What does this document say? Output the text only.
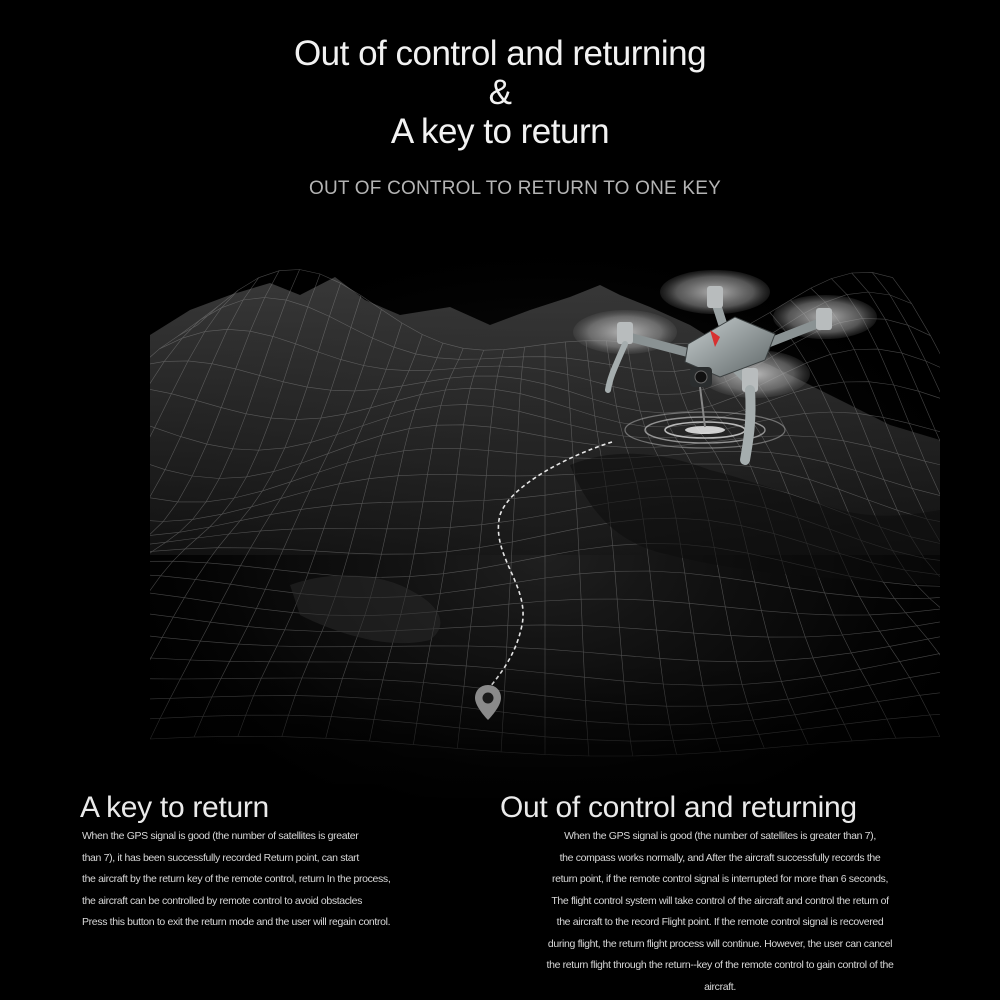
Out of control and returning
&
A key to return
OUT OF CONTROL TO RETURN TO ONE KEY
A key to return

When the GPS signal is good (the number of satellites is greater
than 7), it has been successfully recorded Return point, can start
the aircraft by the return key of the remote control, return In the process,
the aircraft can be controlled by remote control to avoid obstacles
Press this button to exit the return mode and the user will regain control.

Out of control and returning

When the GPS signal is good (the number of satellites is greater than 7),
the compass works normally, and After the aircraft successfully records the
return point, if the remote control signal is interrupted for more than 6 seconds,
The flight control system will take control of the aircraft and control the return of
the aircraft to the record Flight point. If the remote control signal is recovered
during flight, the return flight process will continue. However, the user can cancel
the return flight through the return--key of the remote control to gain control of the
aircraft.
